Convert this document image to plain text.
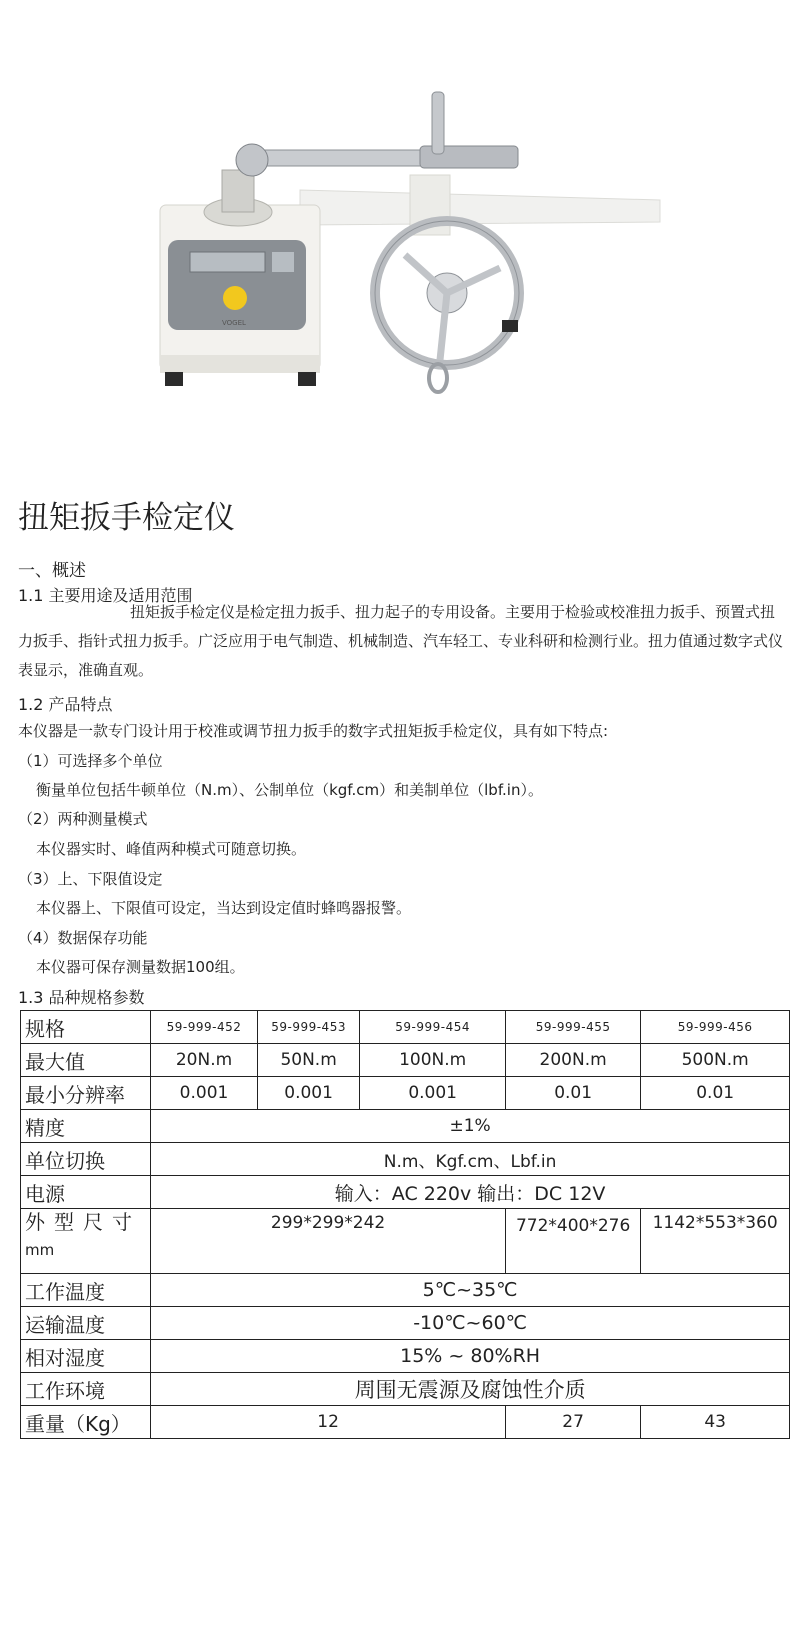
VOGEL
扭矩扳手检定仪
一、概述
1.1 主要用途及适用范围
扭矩扳手检定仪是检定扭力扳手、扭力起子的专用设备。主要用于检验或校准扭力扳手、预置式扭力扳手、指针式扭力扳手。广泛应用于电气制造、机械制造、汽车轻工、专业科研和检测行业。扭力值通过数字式仪表显示，准确直观。
1.2 产品特点
本仪器是一款专门设计用于校准或调节扭力扳手的数字式扭矩扳手检定仪，具有如下特点:
（1）可选择多个单位
衡量单位包括牛顿单位（N.m）、公制单位（kgf.cm）和美制单位（lbf.in）。
（2）两种测量模式
本仪器实时、峰值两种模式可随意切换。
（3）上、下限值设定
本仪器上、下限值可设定，当达到设定值时蜂鸣器报警。
（4）数据保存功能
本仪器可保存测量数据100组。
1.3 品种规格参数
规格	59-999-452	59-999-453	59-999-454	59-999-455	59-999-456
最大值	20N.m	50N.m	100N.m	200N.m	500N.m
最小分辨率	0.001	0.001	0.001	0.01	0.01
精度	±1%				
单位切换	N.m、Kgf.cm、Lbf.in				
电源	输入：AC 220v 输出：DC 12V				
外型尺寸
mm	299*299*242			772*400*276	1142*553*360
工作温度	5℃~35℃				
运输温度	-10℃~60℃				
相对湿度	15% ~ 80%RH				
工作环境	周围无震源及腐蚀性介质				
重量（Kg）	12			27	43
